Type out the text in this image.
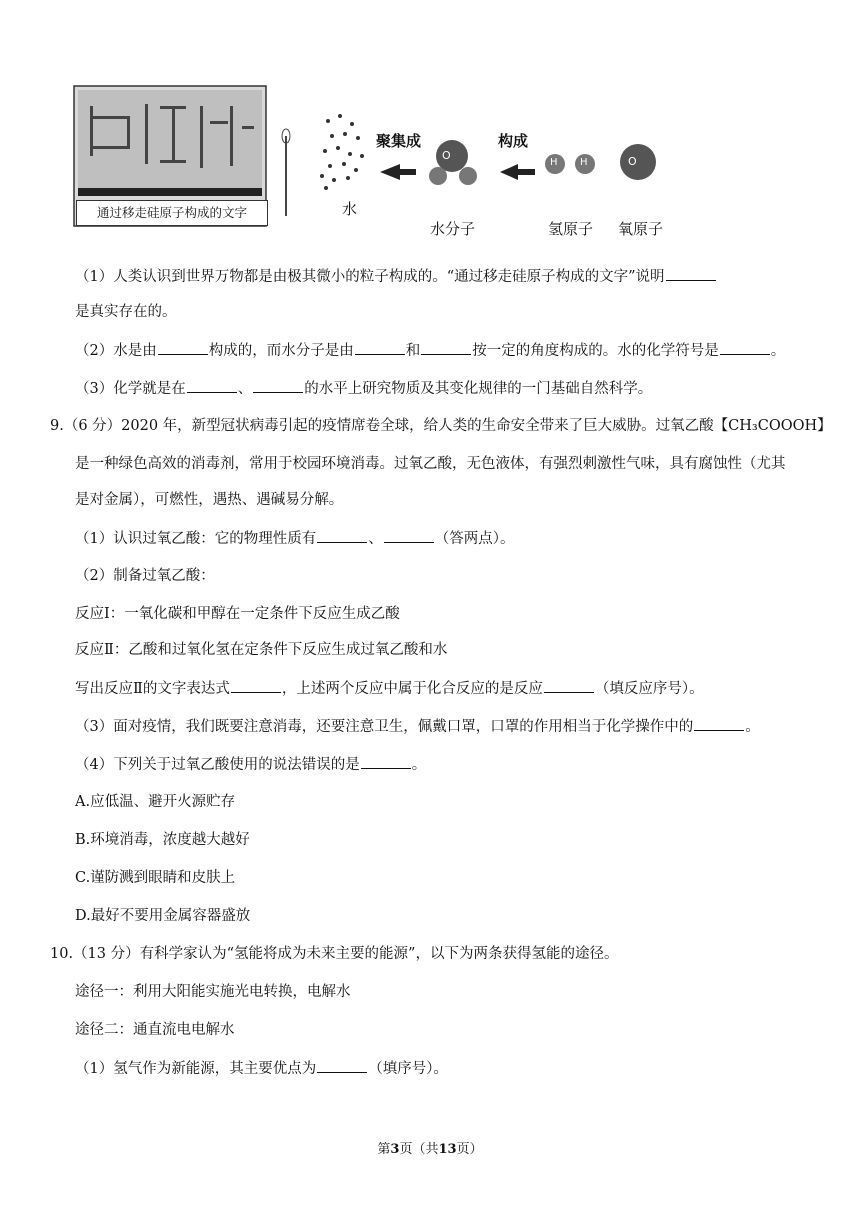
通过移走硅原子构成的文字
聚集成	构成
O	O
H H
水
水分子	氢原子 氧原子
（1）人类认识到世界万物都是由极其微小的粒子构成的。“通过移走硅原子构成的文字”说明
是真实存在的。
（2）水是由	构成的，而水分子是由	和	按一定的角度构成的。水的化学符号是	。
（3）化学就是在	、	的水平上研究物质及其变化规律的一门基础自然科学。
9.（6 分）2020 年，新型冠状病毒引起的疫情席卷全球，给人类的生命安全带来了巨大威胁。过氧乙酸【CH₃COOOH】
是一种绿色高效的消毒剂，常用于校园环境消毒。过氧乙酸，无色液体，有强烈刺激性气味，具有腐蚀性（尤其
是对金属），可燃性，遇热、遇碱易分解。
（1）认识过氧乙酸：它的物理性质有	、	（答两点）。
（2）制备过氧乙酸：
反应Ⅰ：一氧化碳和甲醇在一定条件下反应生成乙酸
反应Ⅱ：乙酸和过氧化氢在定条件下反应生成过氧乙酸和水
写出反应Ⅱ的文字表达式	，上述两个反应中属于化合反应的是反应	（填反应序号）。
（3）面对疫情，我们既要注意消毒，还要注意卫生，佩戴口罩，口罩的作用相当于化学操作中的	。
（4）下列关于过氧乙酸使用的说法错误的是	。
A.应低温、避开火源贮存
B.环境消毒，浓度越大越好
C.谨防溅到眼睛和皮肤上
D.最好不要用金属容器盛放
10.（13 分）有科学家认为“氢能将成为未来主要的能源”，以下为两条获得氢能的途径。
途径一：利用大阳能实施光电转换，电解水
途径二：通直流电电解水
（1）氢气作为新能源，其主要优点为	（填序号）。
第3页（共13页）
